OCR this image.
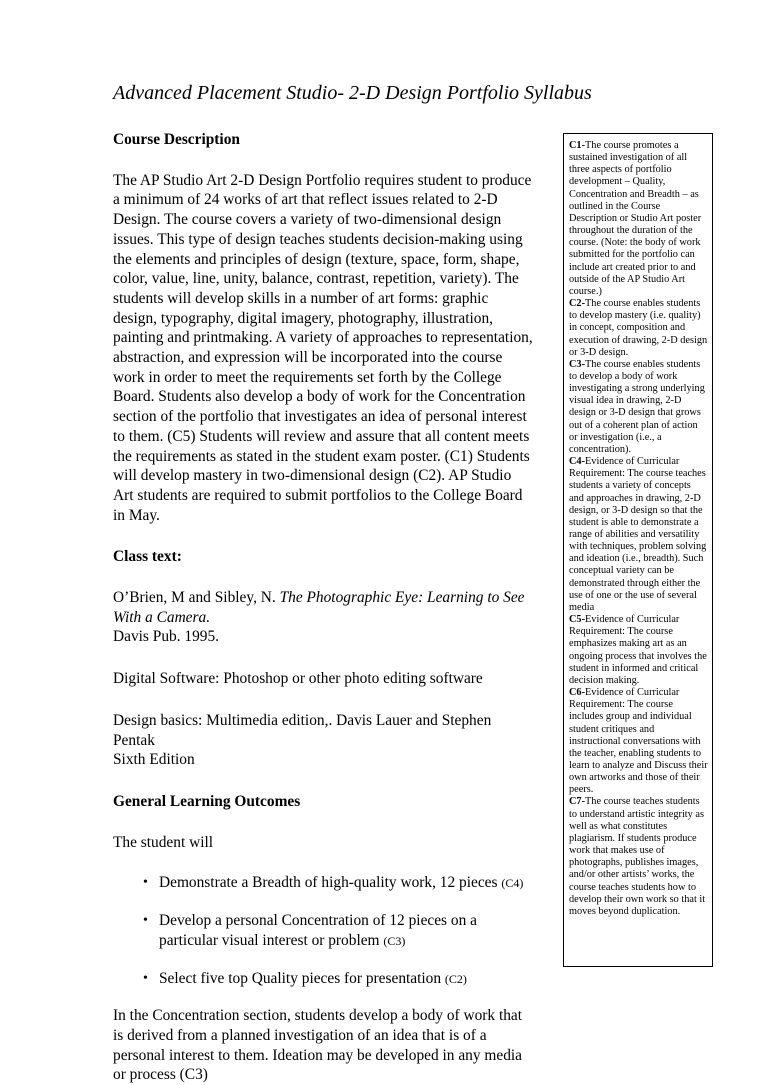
Advanced Placement Studio- 2-D Design Portfolio Syllabus

Course Description

The AP Studio Art 2-D Design Portfolio requires student to produce a minimum of 24 works of art that reflect issues related to 2-D Design. The course covers a variety of two-dimensional design issues. This type of design teaches students decision-making using the elements and principles of design (texture, space, form, shape, color, value, line, unity, balance, contrast, repetition, variety). The students will develop skills in a number of art forms: graphic design, typography, digital imagery, photography, illustration, painting and printmaking. A variety of approaches to representation, abstraction, and expression will be incorporated into the course work in order to meet the requirements set forth by the College Board. Students also develop a body of work for the Concentration section of the portfolio that investigates an idea of personal interest to them. (C5) Students will review and assure that all content meets the requirements as stated in the student exam poster. (C1) Students will develop mastery in two-dimensional design (C2). AP Studio Art students are required to submit portfolios to the College Board in May.

Class text:

O’Brien, M and Sibley, N. The Photographic Eye: Learning to See With a Camera.

Davis Pub. 1995.

Digital Software: Photoshop or other photo editing software

Design basics: Multimedia edition,. Davis Lauer and Stephen Pentak

Sixth Edition

General Learning Outcomes

The student will

• Demonstrate a Breadth of high-quality work, 12 pieces (C4)
• Develop a personal Concentration of 12 pieces on a particular visual interest or problem (C3)
• Select five top Quality pieces for presentation (C2)

In the Concentration section, students develop a body of work that is derived from a planned investigation of an idea that is of a personal interest to them. Ideation may be developed in any media or process (C3)

C1-The course promotes a sustained investigation of all three aspects of portfolio development – Quality, Concentration and Breadth – as outlined in the Course Description or Studio Art poster throughout the duration of the course. (Note: the body of work submitted for the portfolio can include art created prior to and outside of the AP Studio Art course.)

C2-The course enables students to develop mastery (i.e. quality) in concept, composition and execution of drawing, 2-D design or 3-D design.

C3-The course enables students to develop a body of work investigating a strong underlying visual idea in drawing, 2-D design or 3-D design that grows out of a coherent plan of action or investigation (i.e., a concentration).

C4-Evidence of Curricular Requirement: The course teaches students a variety of concepts and approaches in drawing, 2-D design, or 3-D design so that the student is able to demonstrate a range of abilities and versatility with techniques, problem solving and ideation (i.e., breadth). Such conceptual variety can be demonstrated through either the use of one or the use of several media

C5-Evidence of Curricular Requirement: The course emphasizes making art as an ongoing process that involves the student in informed and critical decision making.

C6-Evidence of Curricular Requirement: The course includes group and individual student critiques and instructional conversations with the teacher, enabling students to learn to analyze and Discuss their own artworks and those of their peers.

C7-The course teaches students to understand artistic integrity as well as what constitutes plagiarism. If students produce work that makes use of photographs, publishes images, and/or other artists’ works, the course teaches students how to develop their own work so that it moves beyond duplication.
